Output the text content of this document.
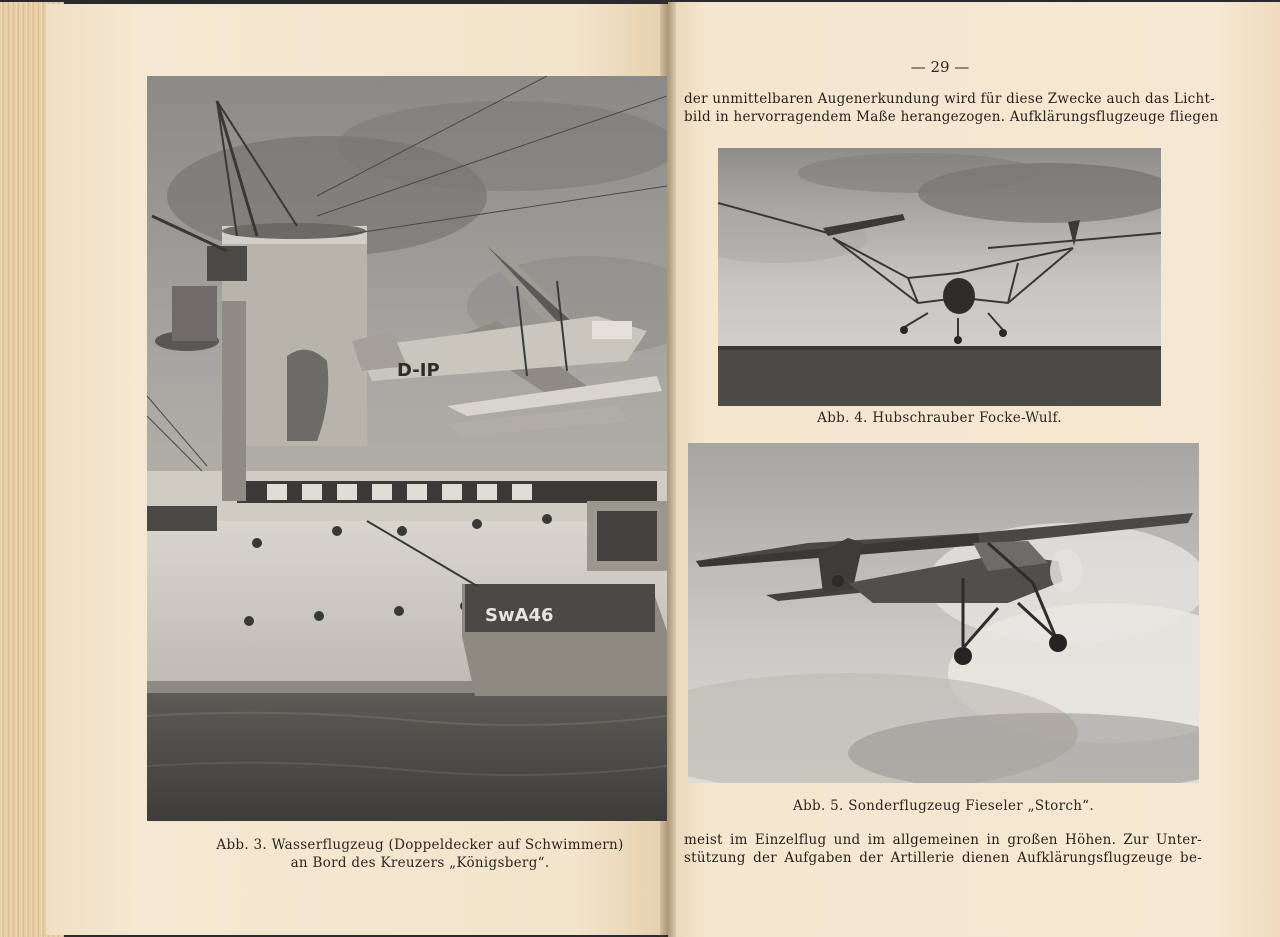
D-IP
SwA46
Abb. 3. Wasserflugzeug (Doppeldecker auf Schwimmern)
an Bord des Kreuzers „Königsberg“.
— 29 —
der unmittelbaren Augenerkundung wird für diese Zwecke auch das Licht-
bild in hervorragendem Maße herangezogen. Aufklärungsflugzeuge fliegen
Abb. 4. Hubschrauber Focke-Wulf.
Abb. 5. Sonderflugzeug Fieseler „Storch“.
meist im Einzelflug und im allgemeinen in großen Höhen. Zur Unter-
stützung der Aufgaben der Artillerie dienen Aufklärungsflugzeuge be-
